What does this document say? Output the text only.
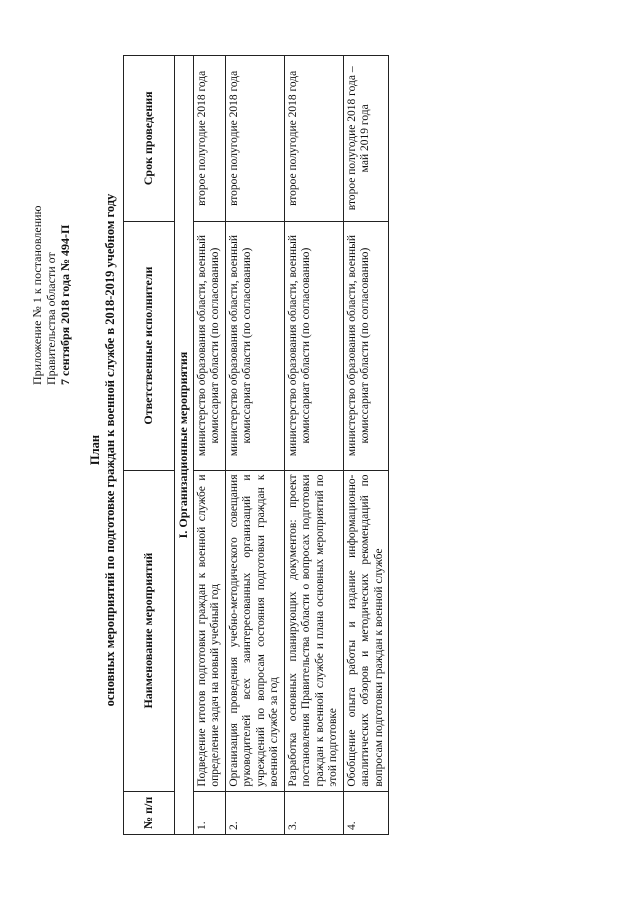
Приложение № 1 к постановлению Правительства области от 7 сентября 2018 года № 494-П
План основных мероприятий по подготовке граждан к военной службе в 2018-2019 учебном году
№ п/п	Наименование мероприятий	Ответственные исполнители	Срок проведения
I. Организационные мероприятия			
1.	Подведение итогов подготовки граждан к военной службе и определение задач на новый учебный год	министерство образования области, военный комиссариат области (по согласованию)	второе полугодие 2018 года
2.	Организация проведения учебно-методического совещания руководителей всех заинтересованных организаций и учреждений по вопросам состояния подготовки граждан к военной службе за год	министерство образования области, военный комиссариат области (по согласованию)	второе полугодие 2018 года
3.	Разработка основных планирующих документов: проект постановления Правительства области о вопросах подготовки граждан к военной службе и плана основных мероприятий по этой подготовке	министерство образования области, военный комиссариат области (по согласованию)	второе полугодие 2018 года
4.	Обобщение опыта работы и издание информационно-аналитических обзоров и методических рекомендаций по вопросам подготовки граждан к военной службе	министерство образования области, военный комиссариат области (по согласованию)	второе полугодие 2018 года – май 2019 года
